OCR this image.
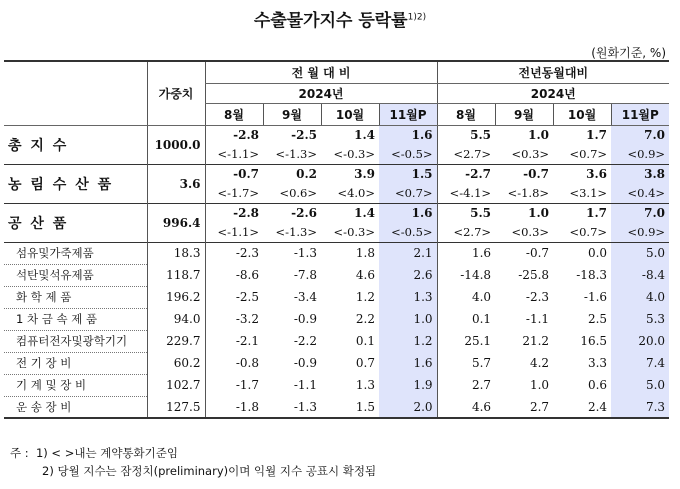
수출물가지수 등락률$^{1)2)}$
(원화기준, %)
	가중치	전 월 대 비				전년동월대비			
		2024년				2024년			
		8월	9월	10월	11월P	8월	9월	10월	11월P
총 지 수	1000.0	-2.8	-2.5	1.4	1.6	5.5	1.0	1.7	7.0
		<-1.1>	<-1.3>	<-0.3>	<-0.5>	<2.7>	<0.3>	<0.7>	<0.9>
농 림 수 산 품	3.6	-0.7	0.2	3.9	1.5	-2.7	-0.7	3.6	3.8
		<-1.7>	<0.6>	<4.0>	<0.7>	<-4.1>	<-1.8>	<3.1>	<0.4>
공 산 품	996.4	-2.8	-2.6	1.4	1.6	5.5	1.0	1.7	7.0
		<-1.1>	<-1.3>	<-0.3>	<-0.5>	<2.7>	<0.3>	<0.7>	<0.9>
섬유및가죽제품	18.3	-2.3	-1.3	1.8	2.1	1.6	-0.7	0.0	5.0
석탄및석유제품	118.7	-8.6	-7.8	4.6	2.6	-14.8	-25.8	-18.3	-8.4
화 학 제 품	196.2	-2.5	-3.4	1.2	1.3	4.0	-2.3	-1.6	4.0
1 차 금 속 제 품	94.0	-3.2	-0.9	2.2	1.0	0.1	-1.1	2.5	5.3
컴퓨터전자및광학기기	229.7	-2.1	-2.2	0.1	1.2	25.1	21.2	16.5	20.0
전 기 장 비	60.2	-0.8	-0.9	0.7	1.6	5.7	4.2	3.3	7.4
기 계 및 장 비	102.7	-1.7	-1.1	1.3	1.9	2.7	1.0	0.6	5.0
운 송 장 비	127.5	-1.8	-1.3	1.5	2.0	4.6	2.7	2.4	7.3
주 : 1) < >내는 계약통화기준임
2) 당월 지수는 잠정치(preliminary)이며 익월 지수 공표시 확정됨
